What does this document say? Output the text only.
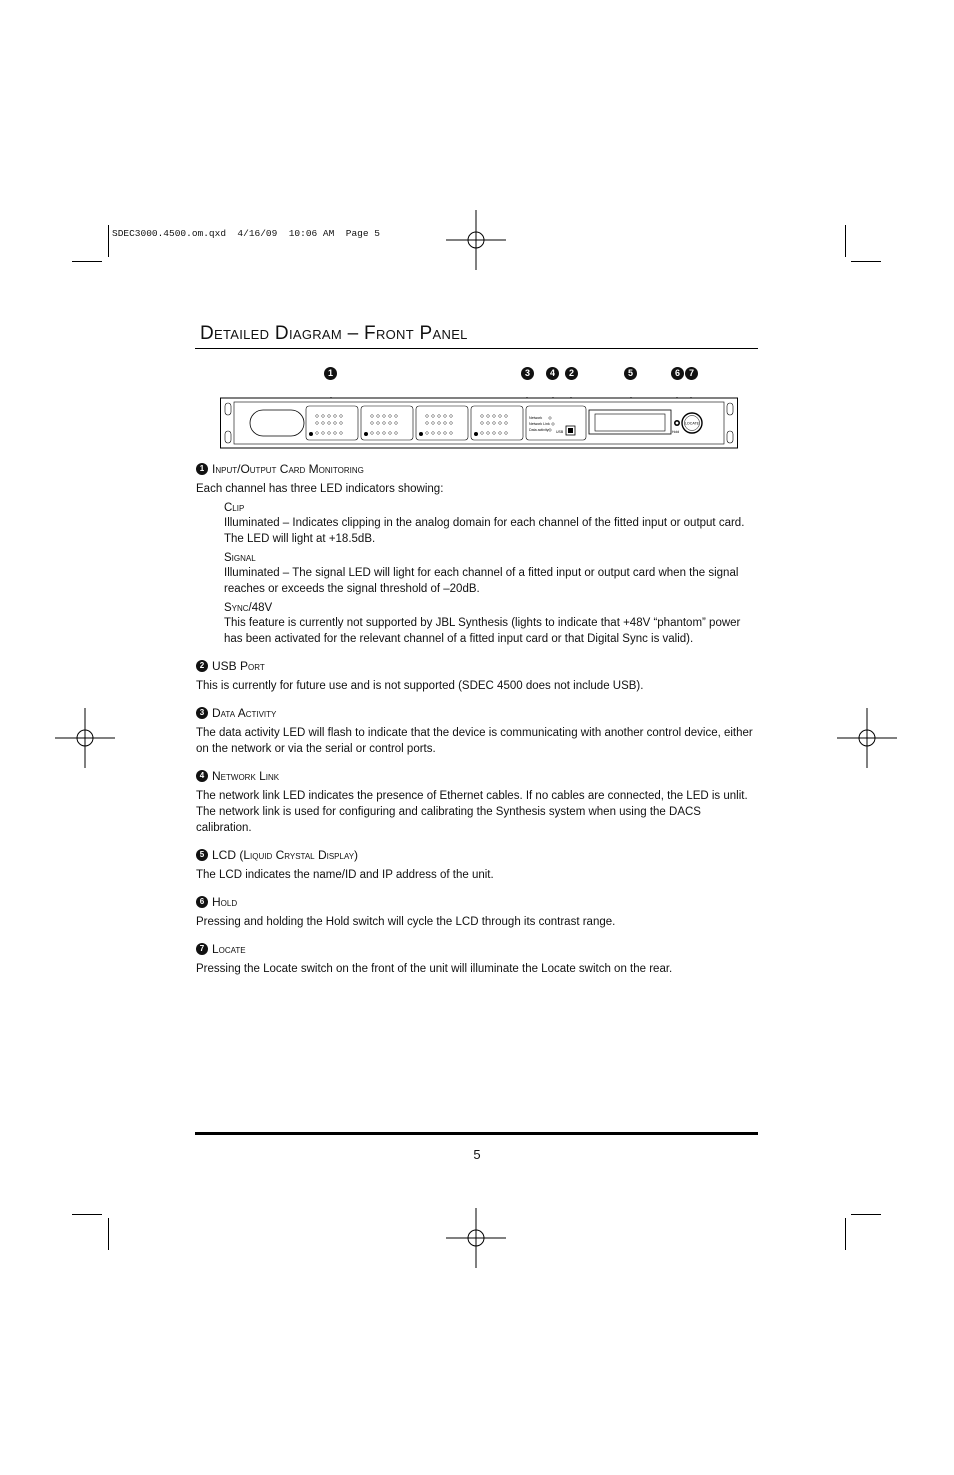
SDEC3000.4500.om.qxd  4/16/09  10:06 AM  Page 5
Detailed Diagram – Front Panel
1	3	4	2	5	6 7
Network
Network Link
Data activity USB	Hold
LOCATE
1 Input/Output Card Monitoring

Each channel has three LED indicators showing:

Clip

Illuminated – Indicates clipping in the analog domain for each channel of the fitted input or output card. The LED will light at +18.5dB.

Signal

Illuminated – The signal LED will light for each channel of a fitted input or output card when the signal reaches or exceeds the signal threshold of –20dB.

Sync/48V

This feature is currently not supported by JBL Synthesis (lights to indicate that +48V “phantom” power has been activated for the relevant channel of a fitted input card or that Digital Sync is valid).

2 USB Port

This is currently for future use and is not supported (SDEC 4500 does not include USB).

3 Data Activity

The data activity LED will flash to indicate that the device is communicating with another control device, either on the network or via the serial or control ports.

4 Network Link

The network link LED indicates the presence of Ethernet cables. If no cables are connected, the LED is unlit. The network link is used for configuring and calibrating the Synthesis system when using the DACS calibration.

5 LCD (Liquid Crystal Display)

The LCD indicates the name/ID and IP address of the unit.

6 Hold

Pressing and holding the Hold switch will cycle the LCD through its contrast range.

7 Locate

Pressing the Locate switch on the front of the unit will illuminate the Locate switch on the rear.

5
